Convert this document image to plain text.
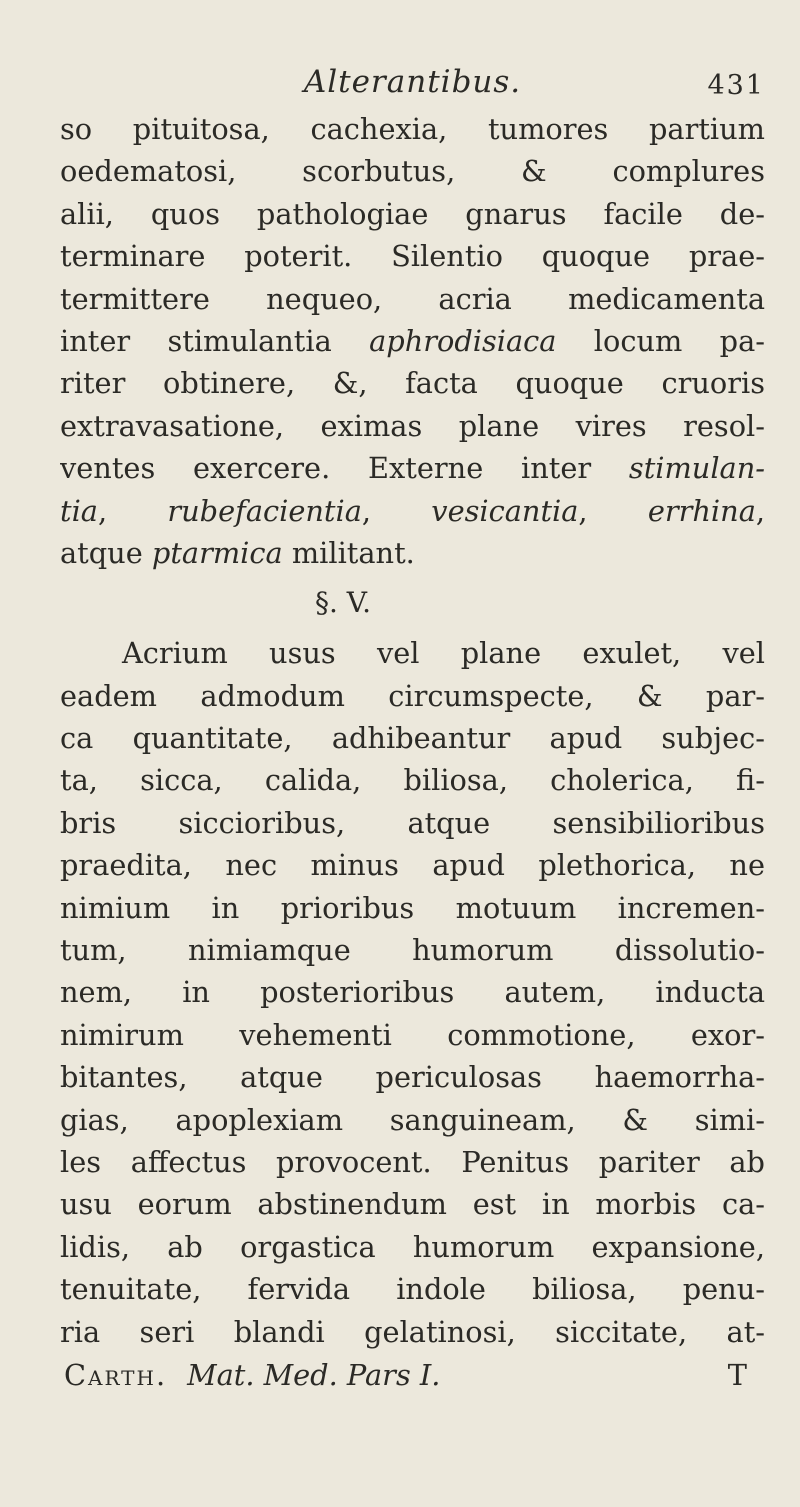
Alterantibus.	431
so pituitosa, cachexia, tumores partium
oedematosi, scorbutus, & complures
alii, quos pathologiae gnarus facile de-
terminare poterit. Silentio quoque prae-
termittere nequeo, acria medicamenta
inter stimulantia aphrodisiaca locum pa-
riter obtinere, &, facta quoque cruoris
extravasatione, eximas plane vires resol-
ventes exercere. Externe inter stimulan-
tia, rubefacientia, vesicantia, errhina,
atque ptarmica militant.
§. V.
Acrium usus vel plane exulet, vel
eadem admodum circumspecte, & par-
ca quantitate, adhibeantur apud subjec-
ta, sicca, calida, biliosa, cholerica, fi-
bris siccioribus, atque sensibilioribus
praedita, nec minus apud plethorica, ne
nimium in prioribus motuum incremen-
tum, nimiamque humorum dissolutio-
nem, in posterioribus autem, inducta
nimirum vehementi commotione, exor-
bitantes, atque periculosas haemorrha-
gias, apoplexiam sanguineam, & simi-
les affectus provocent. Penitus pariter ab
usu eorum abstinendum est in morbis ca-
lidis, ab orgastica humorum expansione,
tenuitate, fervida indole biliosa, penu-
ria seri blandi gelatinosi, siccitate, at-
Carth. Mat. Med. Pars I.	T
